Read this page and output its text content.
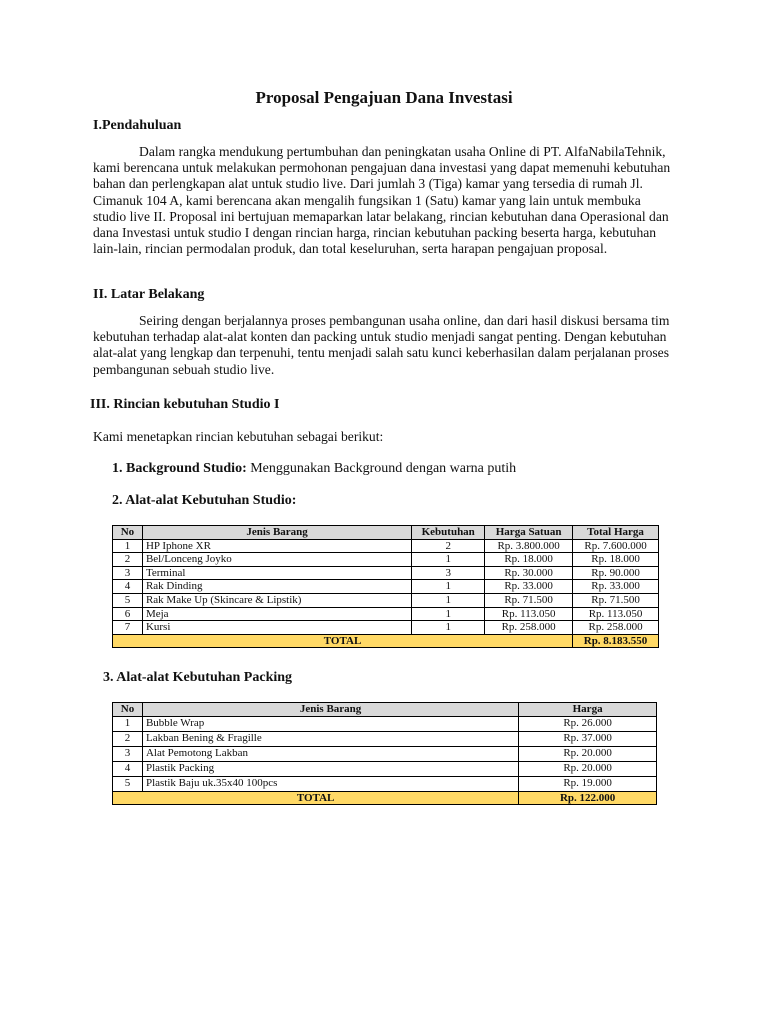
Proposal Pengajuan Dana Investasi
I.Pendahuluan

Dalam rangka mendukung pertumbuhan dan peningkatan usaha Online di PT. AlfaNabilaTehnik, kami berencana untuk melakukan permohonan pengajuan dana investasi yang dapat memenuhi kebutuhan bahan dan perlengkapan alat untuk studio live. Dari jumlah 3 (Tiga) kamar yang tersedia di rumah Jl. Cimanuk 104 A, kami berencana akan mengalih fungsikan 1 (Satu) kamar yang lain untuk membuka studio live II. Proposal ini bertujuan memaparkan latar belakang, rincian kebutuhan dana Operasional dan dana Investasi untuk studio I dengan rincian harga, rincian kebutuhan packing beserta harga, kebutuhan lain-lain, rincian permodalan produk, dan total keseluruhan, serta harapan pengajuan proposal.

II. Latar Belakang

Seiring dengan berjalannya proses pembangunan usaha online, dan dari hasil diskusi bersama tim kebutuhan terhadap alat-alat konten dan packing untuk studio menjadi sangat penting. Dengan kebutuhan alat-alat yang lengkap dan terpenuhi, tentu menjadi salah satu kunci keberhasilan dalam perjalanan proses pembangunan sebuah studio live.

III. Rincian kebutuhan Studio I

Kami menetapkan rincian kebutuhan sebagai berikut:

1. Background Studio: Menggunakan Background dengan warna putih

2. Alat-alat Kebutuhan Studio:

No	Jenis Barang	Kebutuhan	Harga Satuan	Total Harga
1	HP Iphone XR	2	Rp. 3.800.000	Rp. 7.600.000
2	Bel/Lonceng Joyko	1	Rp. 18.000	Rp. 18.000
3	Terminal	3	Rp. 30.000	Rp. 90.000
4	Rak Dinding	1	Rp. 33.000	Rp. 33.000
5	Rak Make Up (Skincare & Lipstik)	1	Rp. 71.500	Rp. 71.500
6	Meja	1	Rp. 113.050	Rp. 113.050
7	Kursi	1	Rp. 258.000	Rp. 258.000
TOTAL				Rp. 8.183.550

3. Alat-alat Kebutuhan Packing

No	Jenis Barang	Harga
1	Bubble Wrap	Rp. 26.000
2	Lakban Bening & Fragille	Rp. 37.000
3	Alat Pemotong Lakban	Rp. 20.000
4	Plastik Packing	Rp. 20.000
5	Plastik Baju uk.35x40 100pcs	Rp. 19.000
TOTAL		Rp. 122.000
